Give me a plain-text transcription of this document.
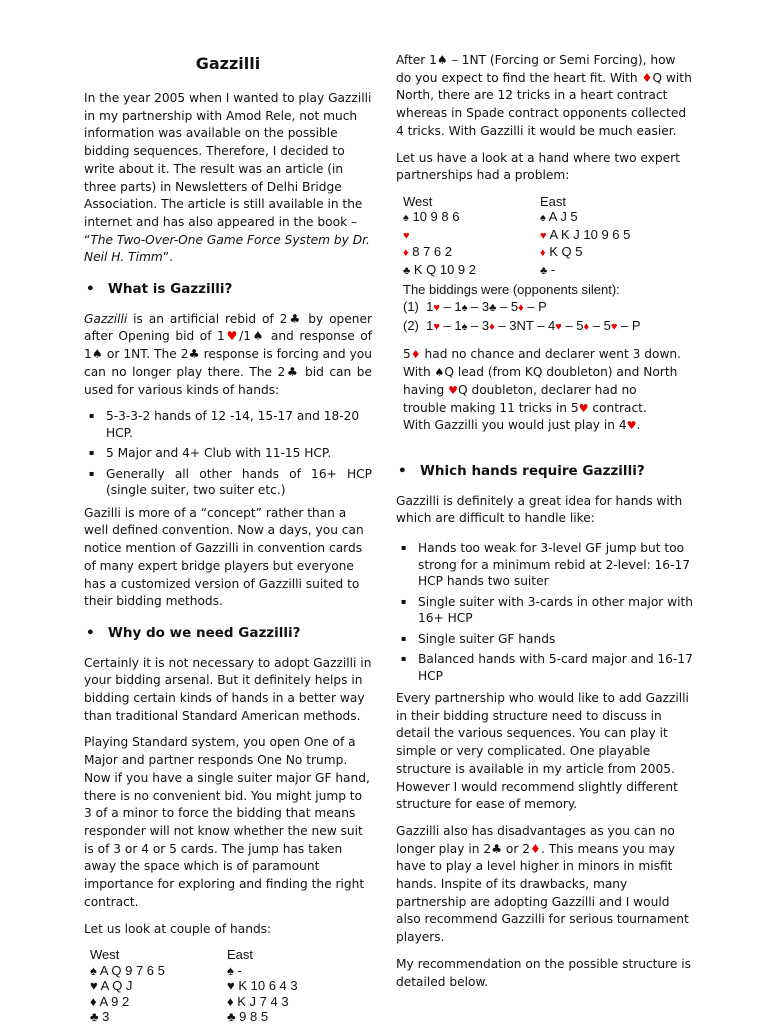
Gazzilli

In the year 2005 when I wanted to play Gazzilli in my partnership with Amod Rele, not much information was available on the possible bidding sequences. Therefore, I decided to write about it. The result was an article (in three parts) in Newsletters of Delhi Bridge Association. The article is still available in the internet and has also appeared in the book – “The Two-Over-One Game Force System by Dr. Neil H. Timm”.

• What is Gazzilli?

Gazzilli is an artificial rebid of 2♣ by opener after Opening bid of 1♥/1♠ and response of 1♠ or 1NT. The 2♣ response is forcing and you can no longer play there. The 2♣ bid can be used for various kinds of hands:

▪ 5-3-3-2 hands of 12 -14, 15-17 and 18-20 HCP.
▪ 5 Major and 4+ Club with 11-15 HCP.
▪ Generally all other hands of 16+ HCP (single suiter, two suiter etc.)

Gazilli is more of a “concept” rather than a well defined convention. Now a days, you can notice mention of Gazzilli in convention cards of many expert bridge players but everyone has a customized version of Gazzilli suited to their bidding methods.

• Why do we need Gazzilli?

Certainly it is not necessary to adopt Gazzilli in your bidding arsenal. But it definitely helps in bidding certain kinds of hands in a better way than traditional Standard American methods.

Playing Standard system, you open One of a Major and partner responds One No trump. Now if you have a single suiter major GF hand, there is no convenient bid. You might jump to 3 of a minor to force the bidding that means responder will not know whether the new suit is of 3 or 4 or 5 cards. The jump has taken away the space which is of paramount importance for exploring and finding the right contract.

Let us look at couple of hands:

West
♠ A Q 9 7 6 5
♥ A Q J
♦ A 9 2
♣ 3
East
♠ -
♥ K 10 6 4 3
♦ K J 7 4 3
♣ 9 8 5

After 1♠ – 1NT (Forcing or Semi Forcing), how do you expect to find the heart fit. With ♦Q with North, there are 12 tricks in a heart contract whereas in Spade contract opponents collected 4 tricks. With Gazzilli it would be much easier.

Let us have a look at a hand where two expert partnerships had a problem:

West
♠ 10 9 8 6
♥
♦ 8 7 6 2
♣ K Q 10 9 2
East
♠ A J 5
♥ A K J 10 9 6 5
♦ K Q 5
♣ -
The biddings were (opponents silent):
(1) 1♥ – 1♠ – 3♣ – 5♦ – P
(2) 1♥ – 1♠ – 3♦ – 3NT – 4♥ – 5♦ – 5♥ – P
5♦ had no chance and declarer went 3 down.
With ♠Q lead (from KQ doubleton) and North
having ♥Q doubleton, declarer had no
trouble making 11 tricks in 5♥ contract.
With Gazzilli you would just play in 4♥.
• Which hands require Gazzilli?

Gazzilli is definitely a great idea for hands with which are difficult to handle like:

▪ Hands too weak for 3-level GF jump but too strong for a minimum rebid at 2-level: 16-17 HCP hands two suiter
▪ Single suiter with 3-cards in other major with 16+ HCP
▪ Single suiter GF hands
▪ Balanced hands with 5-card major and 16-17 HCP

Every partnership who would like to add Gazzilli in their bidding structure need to discuss in detail the various sequences. You can play it simple or very complicated. One playable structure is available in my article from 2005. However I would recommend slightly different structure for ease of memory.

Gazzilli also has disadvantages as you can no longer play in 2♣ or 2♦. This means you may have to play a level higher in minors in misfit hands. Inspite of its drawbacks, many partnership are adopting Gazzilli and I would also recommend Gazzilli for serious tournament players.

My recommendation on the possible structure is detailed below.
